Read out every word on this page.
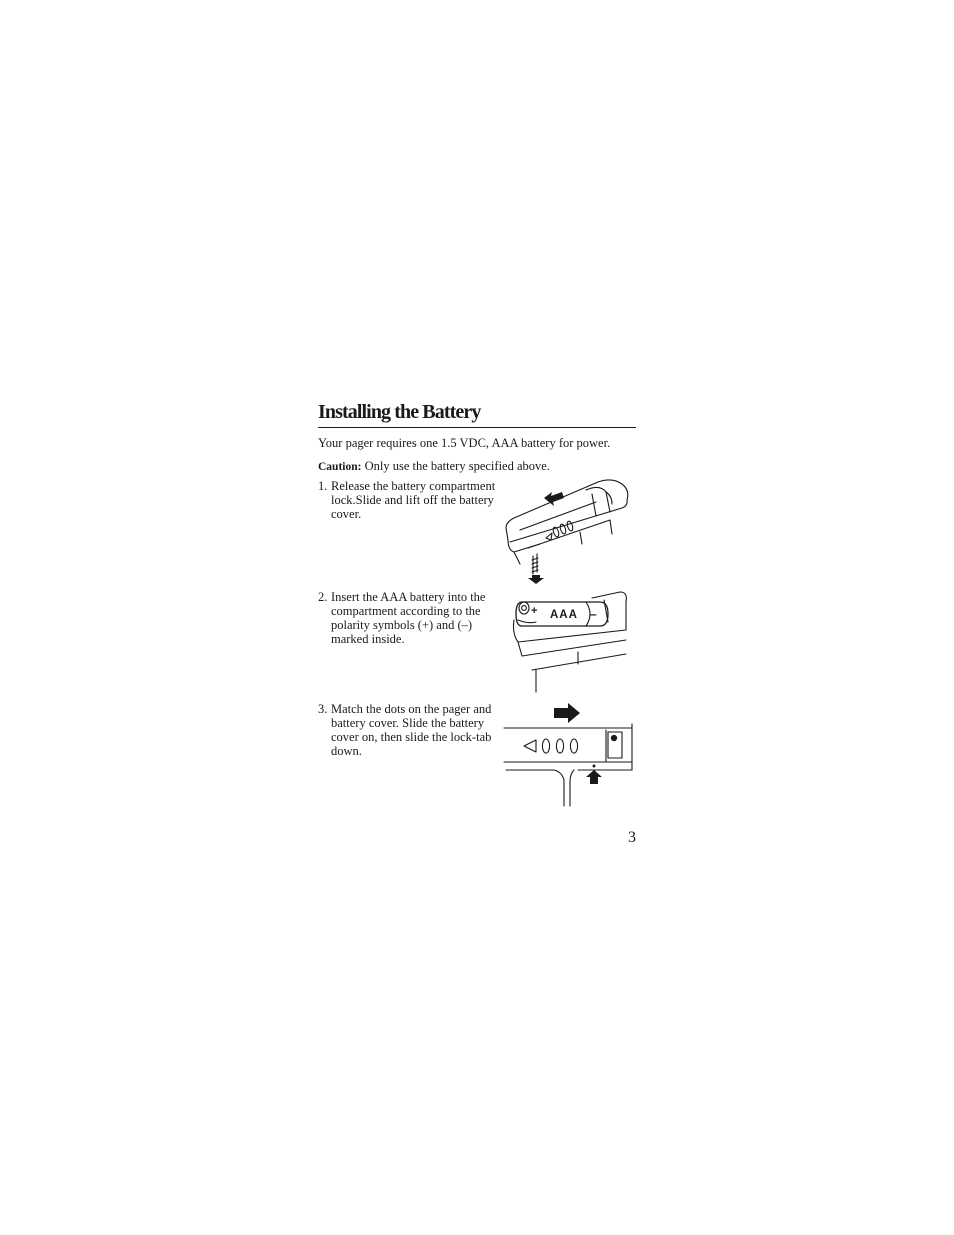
Installing the Battery

Your pager requires one 1.5 VDC, AAA battery for power.

Caution: Only use the battery specified above.

1. Release the battery compartment lock.Slide and lift off the battery cover.
2. Insert the AAA battery into the compartment according to the polarity symbols (+) and (–) marked inside.
+ AAA –
3. Match the dots on the pager and battery cover. Slide the battery cover on, then slide the lock-tab down.
3
